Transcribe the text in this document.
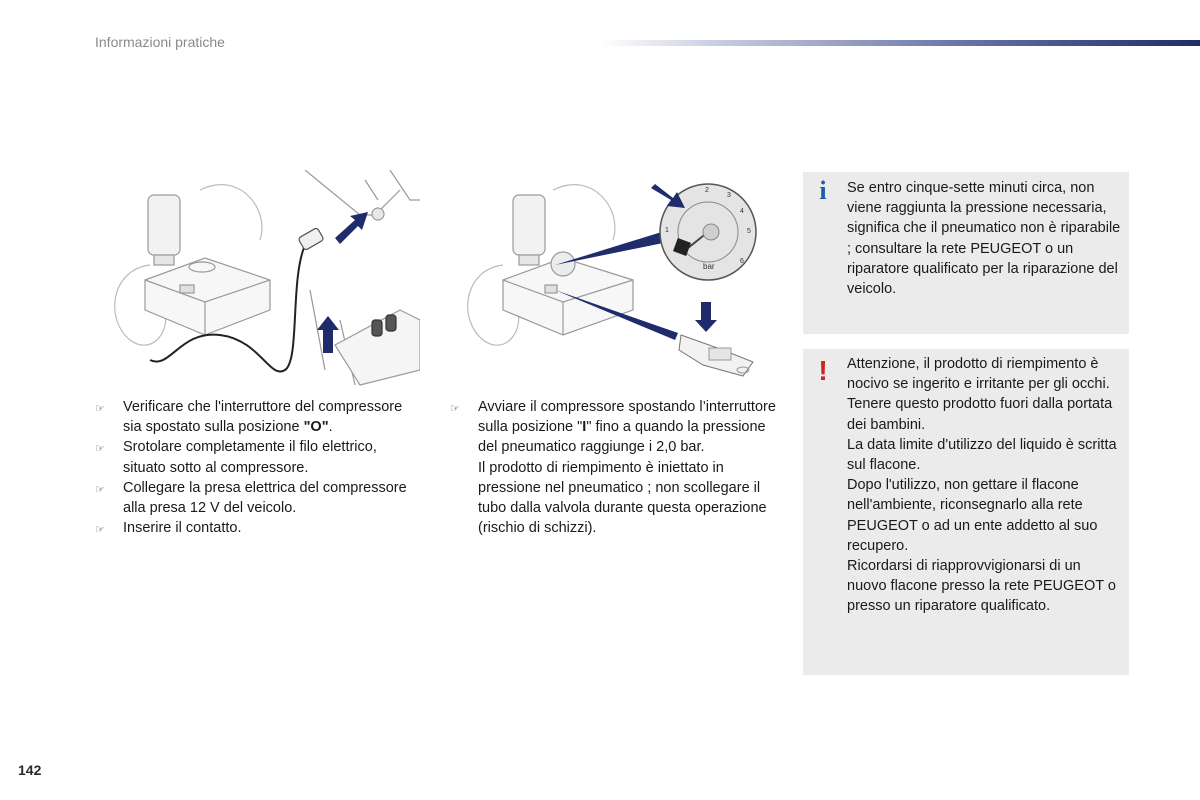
Informazioni pratiche
1
2
3
4
5
6
bar
☞	Verificare che l'interruttore del compressore sia spostato sulla posizione "O".
☞	Srotolare completamente il filo elettrico, situato sotto al compressore.
☞	Collegare la presa elettrica del compressore alla presa 12 V del veicolo.
☞	Inserire il contatto.
☞	Avviare il compressore spostando l’interruttore sulla posizione "I" fino a quando la pressione del pneumatico raggiunge i 2,0 bar.
Il prodotto di riempimento è iniettato in pressione nel pneumatico ; non scollegare il tubo dalla valvola durante questa operazione (rischio di schizzi).
i Se entro cinque-sette minuti circa, non viene raggiunta la pressione necessaria, significa che il pneumatico non è riparabile ; consultare la rete PEUGEOT o un riparatore qualificato per la riparazione del veicolo.
! Attenzione, il prodotto di riempimento è nocivo se ingerito e irritante per gli occhi.
Tenere questo prodotto fuori dalla portata dei bambini.
La data limite d'utilizzo del liquido è scritta sul flacone.
Dopo l'utilizzo, non gettare il flacone nell'ambiente, riconsegnarlo alla rete PEUGEOT o ad un ente addetto al suo recupero.
Ricordarsi di riapprovvigionarsi di un nuovo flacone presso la rete PEUGEOT o presso un riparatore qualificato.
142
